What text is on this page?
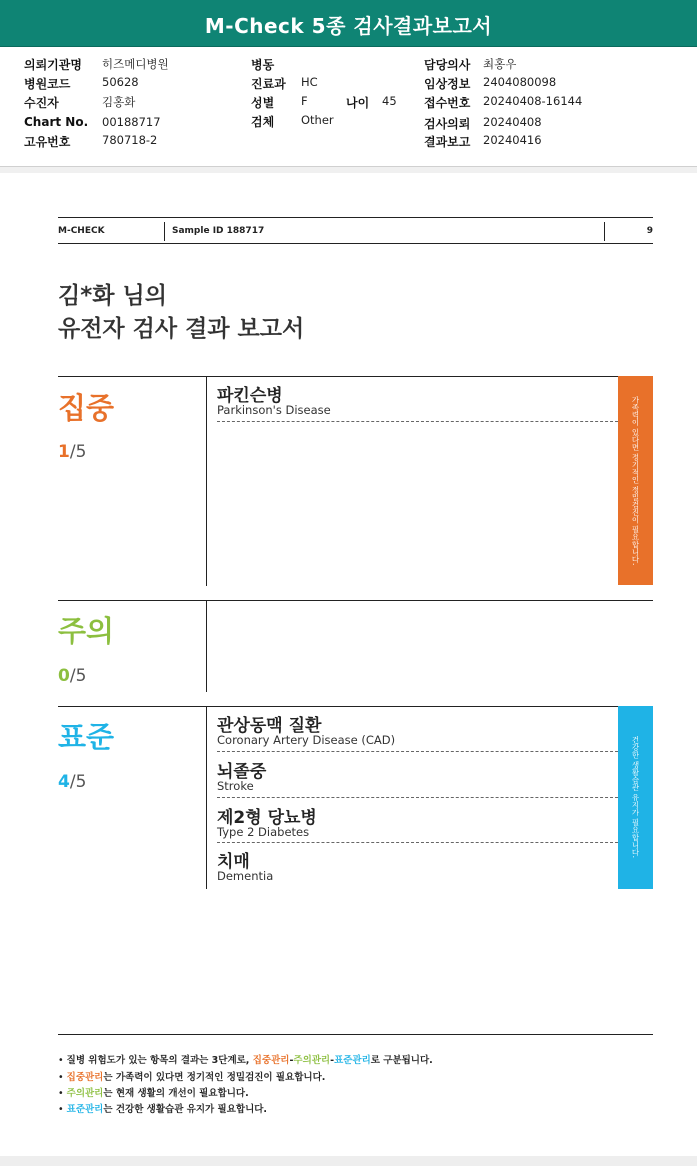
M-Check 5종 검사결과보고서
의뢰기관명 히즈메디병원
병원코드	50628
수진자	김홍화
Chart No. 00188717
고유번호	780718-2
병동
진료과 HC
성별 F	나이 45
검체 Other
담당의사 최홍우
임상정보 2404080098
접수번호 20240408-16144
검사의뢰 20240408
결과보고 20240416
M-CHECK	Sample ID 188717	9
김*화 님의
유전자 검사 결과 보고서
집중
1/5
파킨슨병
Parkinson's Disease	가족력이 있다면 정기적인 정밀검진이 필요합니다.
주의
0/5
표준
4/5
관상동맥 질환
Coronary Artery Disease (CAD)
뇌졸중
Stroke
제2형 당뇨병
Type 2 Diabetes
치매
Dementia
건강한 생활습관 유지가 필요합니다.
• 질병 위험도가 있는 항목의 결과는 3단계로, 집중관리-주의관리-표준관리로 구분됩니다.
• 집중관리는 가족력이 있다면 정기적인 정밀검진이 필요합니다.
• 주의관리는 현재 생활의 개선이 필요합니다.
• 표준관리는 건강한 생활습관 유지가 필요합니다.
